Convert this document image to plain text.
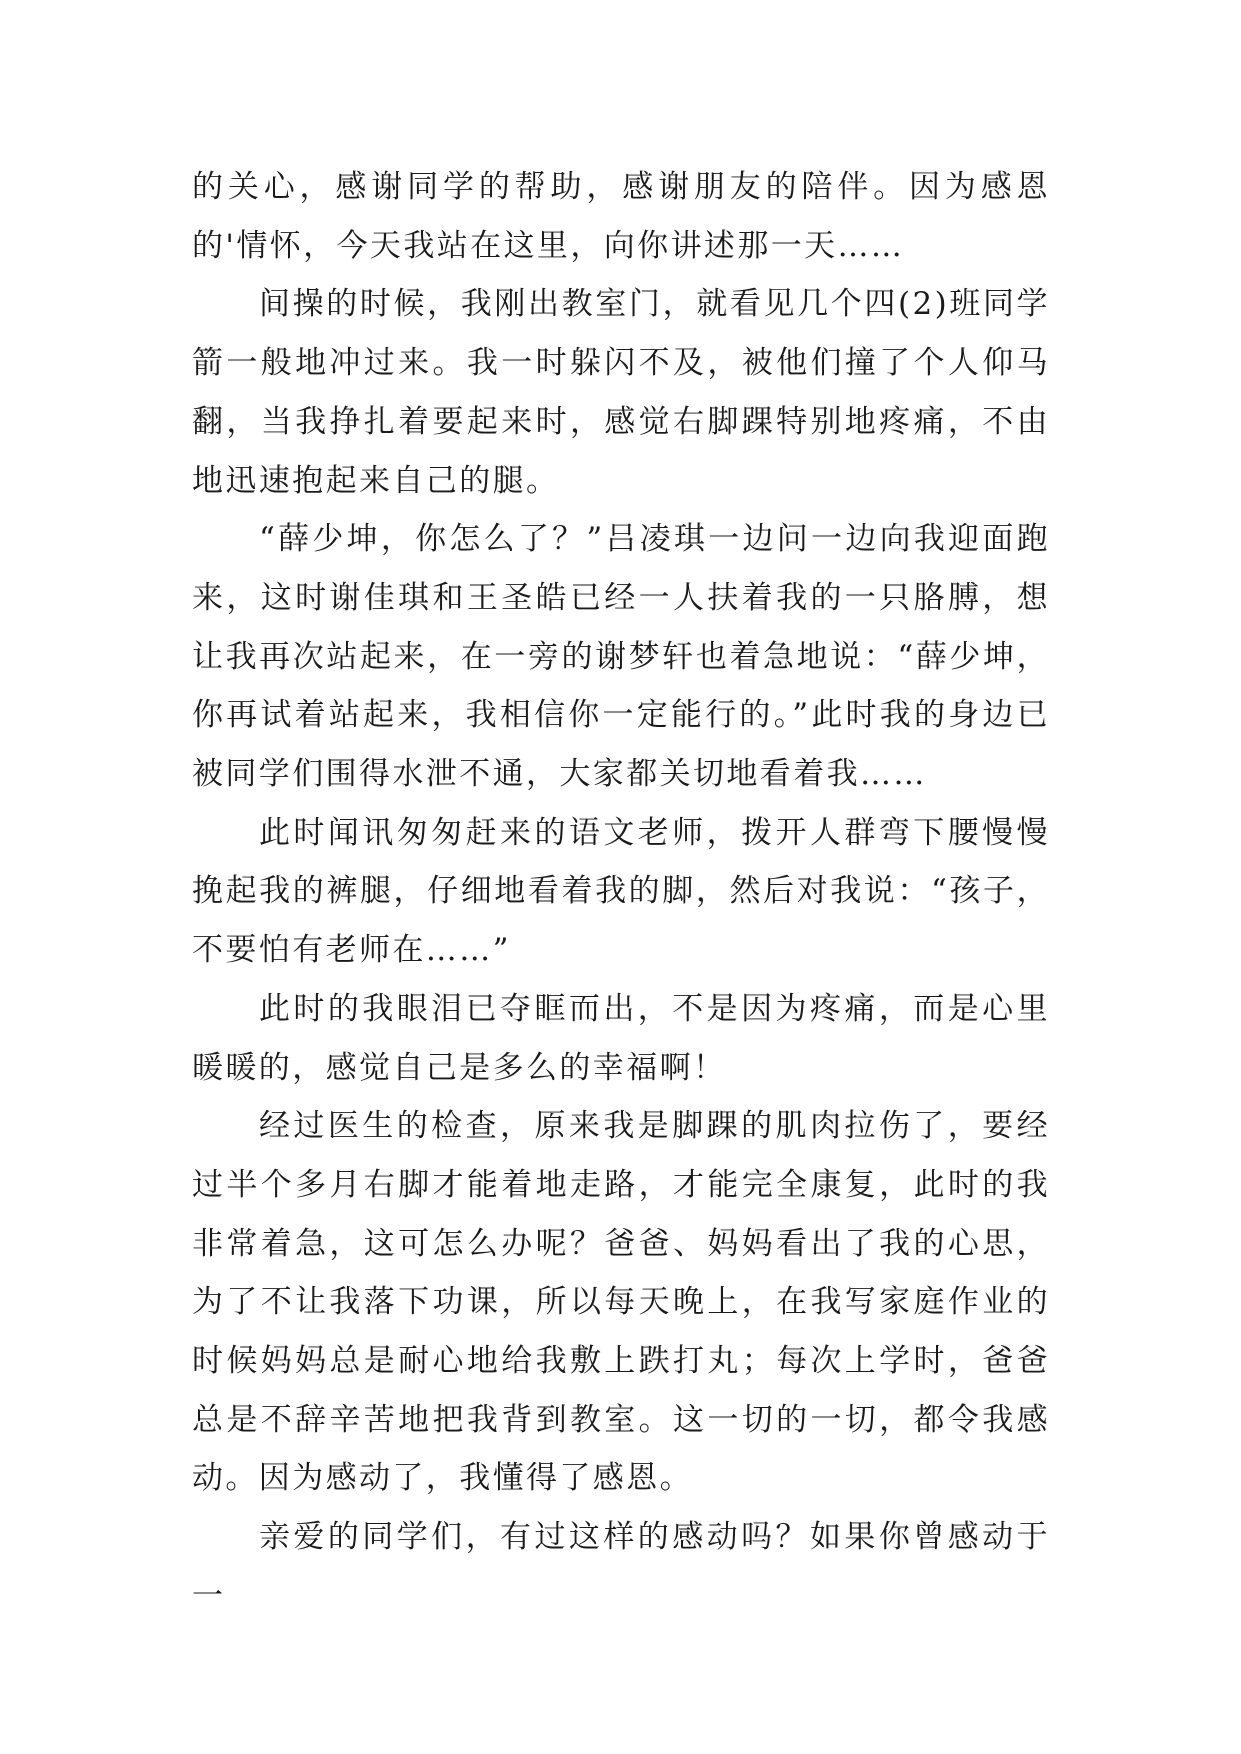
的关心，感谢同学的帮助，感谢朋友的陪伴。因为感恩的'情怀，今天我站在这里，向你讲述那一天……

间操的时候，我刚出教室门，就看见几个四(2)班同学箭一般地冲过来。我一时躲闪不及，被他们撞了个人仰马翻，当我挣扎着要起来时，感觉右脚踝特别地疼痛，不由地迅速抱起来自己的腿。

“薛少坤，你怎么了？”吕凌琪一边问一边向我迎面跑来，这时谢佳琪和王圣皓已经一人扶着我的一只胳膊，想让我再次站起来，在一旁的谢梦轩也着急地说：“薛少坤，你再试着站起来，我相信你一定能行的。”此时我的身边已被同学们围得水泄不通，大家都关切地看着我……

此时闻讯匆匆赶来的语文老师，拨开人群弯下腰慢慢挽起我的裤腿，仔细地看着我的脚，然后对我说：“孩子，不要怕有老师在……”

此时的我眼泪已夺眶而出，不是因为疼痛，而是心里暖暖的，感觉自己是多么的幸福啊！

经过医生的检查，原来我是脚踝的肌肉拉伤了，要经过半个多月右脚才能着地走路，才能完全康复，此时的我非常着急，这可怎么办呢？爸爸、妈妈看出了我的心思，为了不让我落下功课，所以每天晚上，在我写家庭作业的时候妈妈总是耐心地给我敷上跌打丸；每次上学时，爸爸总是不辞辛苦地把我背到教室。这一切的一切，都令我感动。因为感动了，我懂得了感恩。

亲爱的同学们，有过这样的感动吗？如果你曾感动于一
